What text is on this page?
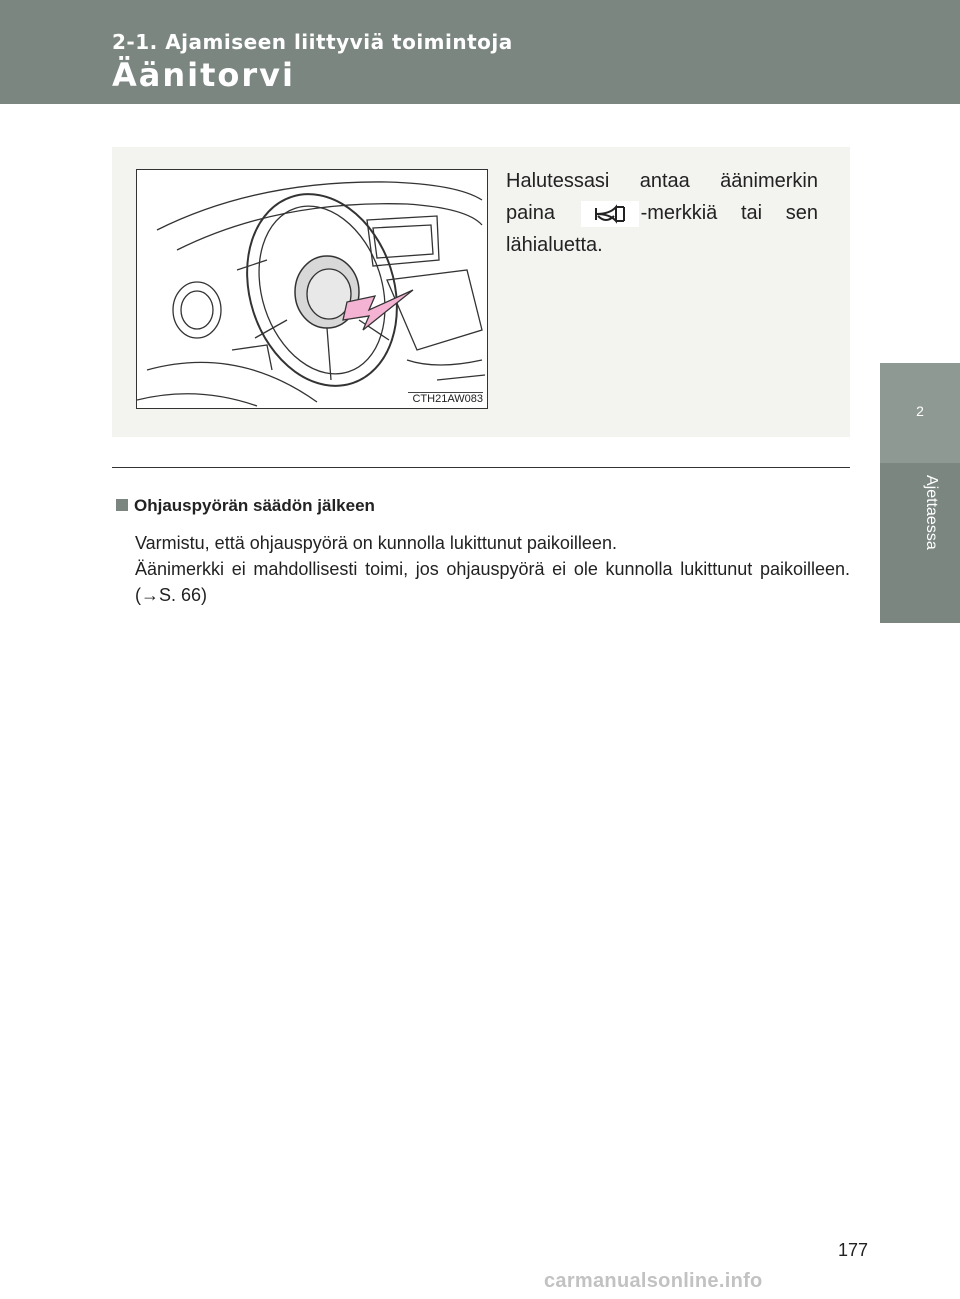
2-1. Ajamiseen liittyviä toimintoja
Äänitorvi
2
Ajettaessa
CTH21AW083
Halutessasi antaa äänimerkin paina	-merkkiä tai sen lähialuetta.
Ohjauspyörän säädön jälkeen

Varmistu, että ohjauspyörä on kunnolla lukittunut paikoilleen.

Äänimerkki ei mahdollisesti toimi, jos ohjauspyörä ei ole kunnolla lukittunut paikoilleen. (→S. 66)

177
carmanualsonline.info
